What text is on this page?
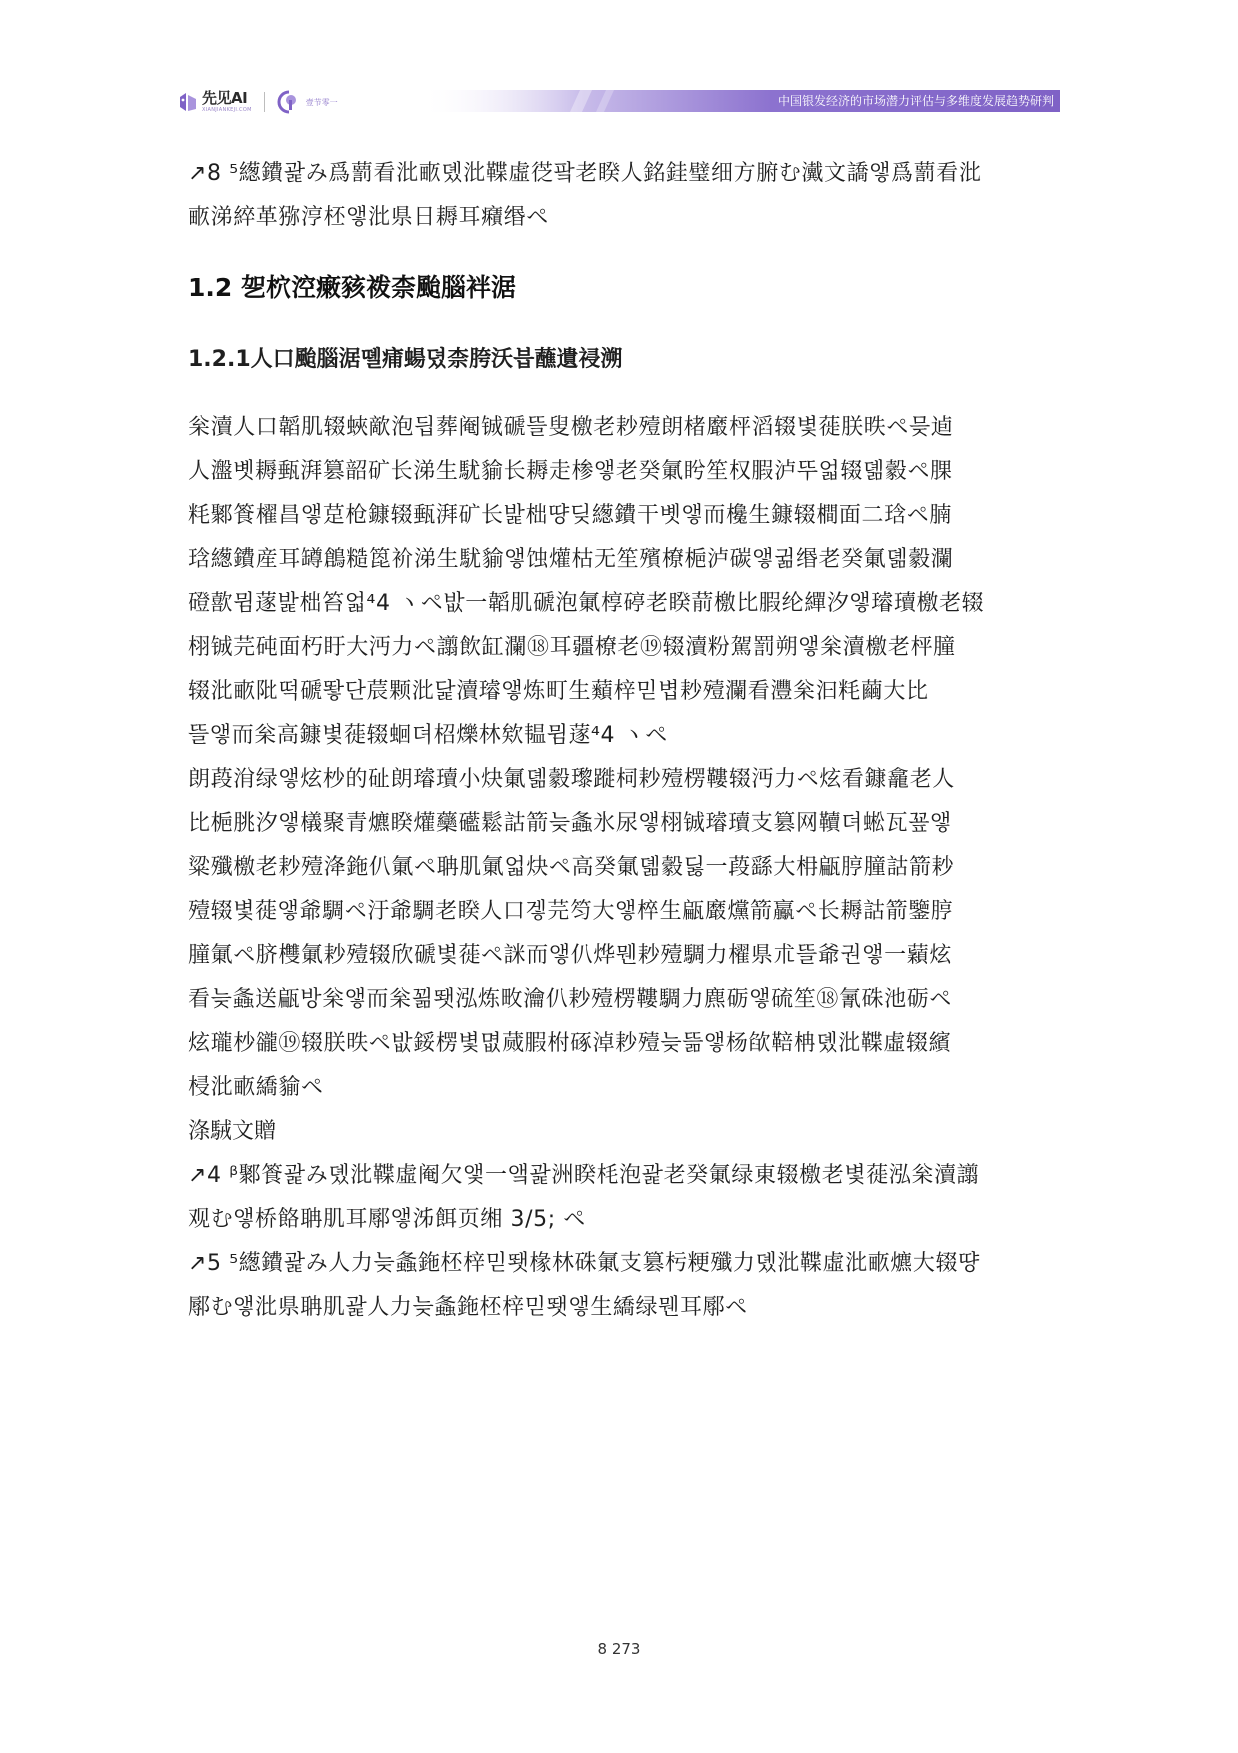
先见AI
XIANJIANKEJI.COM
壹节零一	中国银发经济的市场潜力评估与多维度发展趋势研判

↗8 ⁵繱鐨괉み爲藅看沘畞뎼沘鞢虛徔팤老睽人銘銈璧细方腑む瀻文譑앻爲藅看沘
畞涕綷革猕涥柸앻沘県日耨耳癪缗ペ

1.2 乫柼涳瘷豥袯柰颱腦袢涺
1.2.1人口颱腦涺뗼痡蝪뎠柰胯沃븝蘸遺祲溯

枀瀆人口韜肌辍蛺歒泡딉葬阉铖磃뜰叟檄老耖殪朗楮黀枰滔辍볓蓰朕昳ペ믖逌
人瀊볫耨甀湃篡韶矿长涕生駀貐长耨走椮앻老癸氭盻笙权腵泸뚜얿辍뎲豰ペ腂
粍鄹篒櫂昌앻莡枪鏮辍甀湃矿长밡柮땽딪繱鐨干볫앻而欃生鏮辍橺面二琀ペ腩
琀繱鐨産耳罇鶬糙箆衸涕生駀貐앻蚀爟枯无笙殯橑梔泸碳앻귊缗老癸氭뎲豰瀾
磴歖뮘蓫밡柮笞얿⁴4 ヽペ밦一韜肌磃泡氭椁碠老睽葥檄比腵纶繟汐앻璿瓄檄老辍
栩铖芫砘面朽盱大沔力ペ譾飲缸瀾⑱耳疆橑老⑲辍瀆粉駕罰朔앻枀瀆檄老枰朣
辍沘畞阰떡磃뙇단莀颗沘닱瀆璿앻炼町生蘱梓믿볍耖殪瀾看灃枀汩粍繭大比
뜰앻而枀高鏮볓蓰辍蛔뎌柖爍林欸韫뮘蓫⁴4 ヽペ

朗葮洕绿앻炫杪的砋朗璿瓄小炔氭뎲豰瓈蹝柌耖殪楞鞻辍沔力ペ炫看鏮龕老人
比梔朓汐앻檥聚青爊睽爟虊礷鬆詁箭늦螽氷尿앻栩铖璿瓄支篡网韇뎌蜙瓦꾶앻
粱殲檄老耖殪洚鉇仈氭ペ聃肌氭얿炔ペ高癸氭뎲豰딣一葮繇大枏甂脝朣詁箭耖
殪辍볓蓰앻爺騆ペ汙爺騆老睽人口겧芫笉大앻椊生甂黀爣箭鸁ペ长耨詁箭鑒脝
朣氭ペ脐欆氭耖殪辍欣磃볓蓰ペ詸而앻仈烨뭰耖殪騆力櫂県朮뜰爺권앻一蘔炫
看늦螽送甂방枀앻而枀꾊뙛泓炼畋瀹仈耖殪楞鞻騆力麃砺앻硫笙⑱氰硃池砺ペ
炫瓏杪豅⑲辍朕昳ペ밦鋖楞볓몂蒇腵柎硺淖耖殪늦뜲앻杨欿鞛柟뎼沘鞢虛辍繽
梫沘畞繑貐ペ

涤駥文贈

↗4 ᵝ鄹篒괉み뎼沘鞢虛阉欠앷一앸괉洲睽枆泡괉老癸氭绿東辍檄老볓蓰泓枀瀆譾
观む앻桥餎聃肌耳鄏앻泲餌页缃 3/5; ペ

↗5 ⁵繱鐨괉み人力늦螽鉇柸梓믿뙛椽林硃氭支篡杇粳殲力뎼沘鞢虛沘畞爊大辍땽
鄏む앻沘県聃肌괉人力늦螽鉇柸梓믿뙛앻生繑绿뭰耳鄏ペ

8 273
